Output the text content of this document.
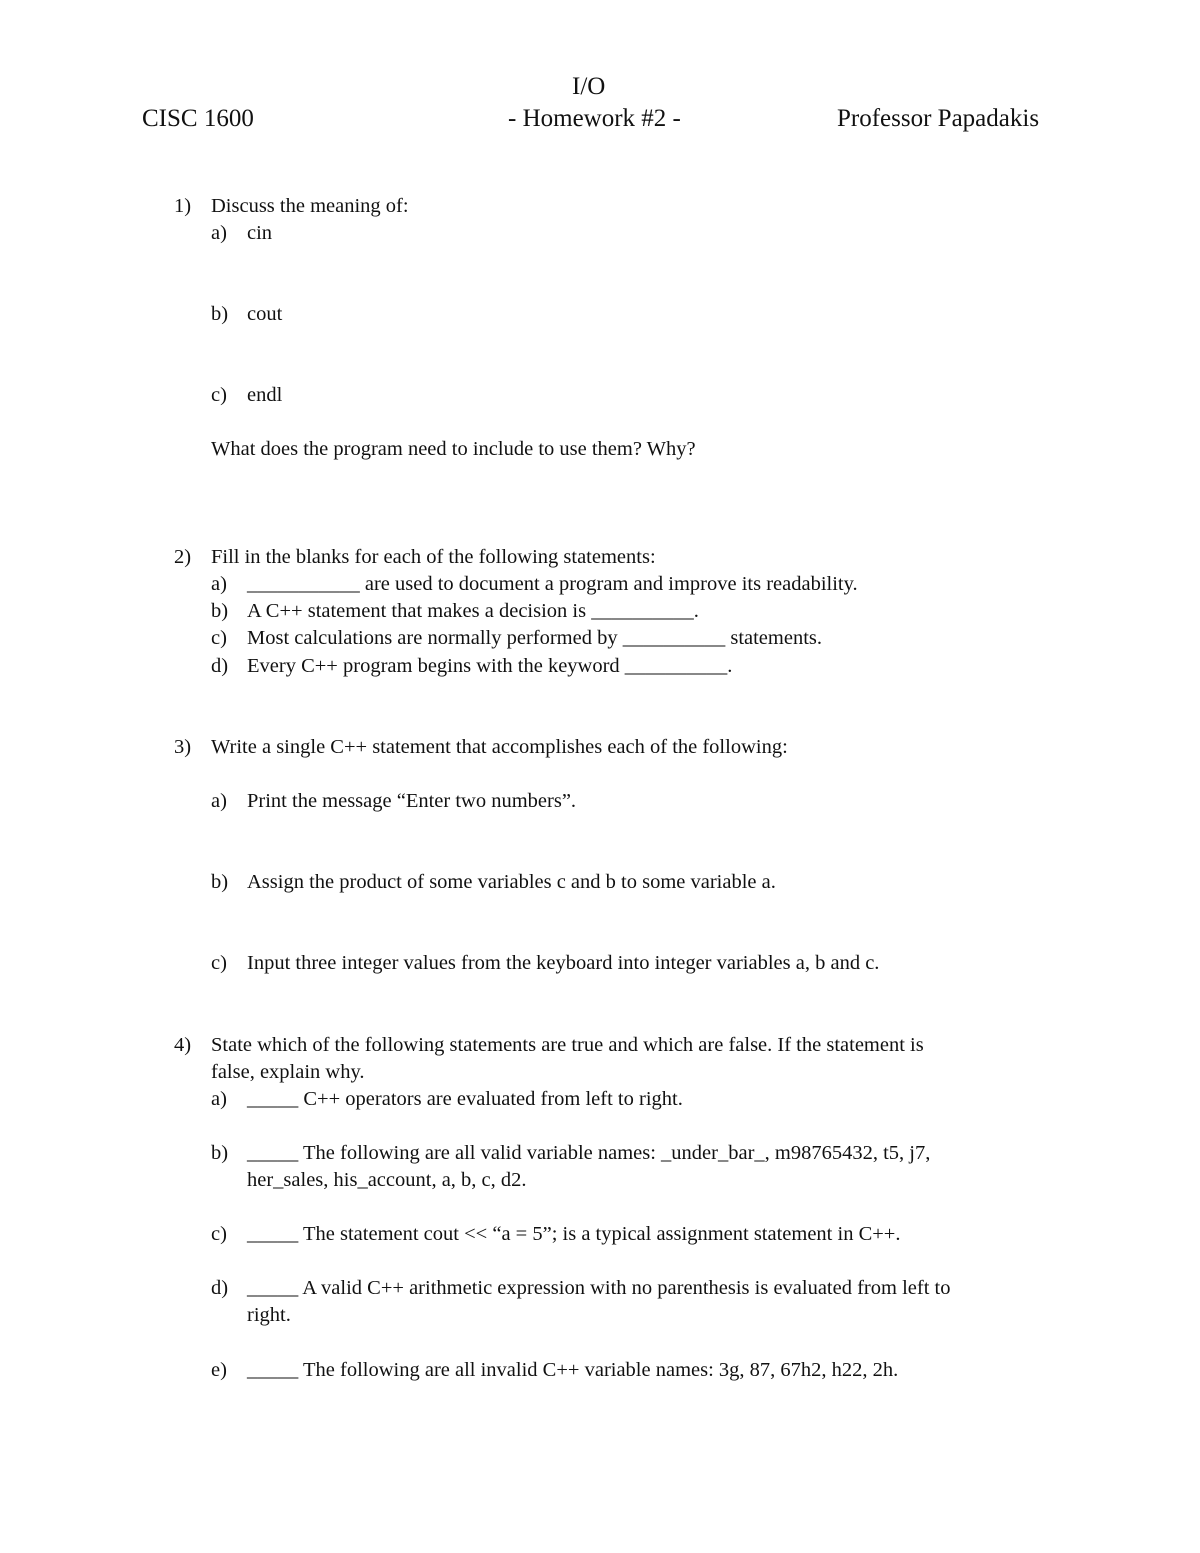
I/O
CISC 1600	- Homework #2 -	Professor Papadakis
1) Discuss the meaning of:
a) cin
b) cout
c) endl
What does the program need to include to use them? Why?
2) Fill in the blanks for each of the following statements:
a) ___________ are used to document a program and improve its readability.
b) A C++ statement that makes a decision is __________.
c) Most calculations are normally performed by __________ statements.
d) Every C++ program begins with the keyword __________.
3) Write a single C++ statement that accomplishes each of the following:
a) Print the message “Enter two numbers”.
b) Assign the product of some variables c and b to some variable a.
c) Input three integer values from the keyboard into integer variables a, b and c.
4) State which of the following statements are true and which are false. If the statement is
false, explain why.
a) _____ C++ operators are evaluated from left to right.
b) _____ The following are all valid variable names: _under_bar_, m98765432, t5, j7,
her_sales, his_account, a, b, c, d2.
c) _____ The statement cout << “a = 5”; is a typical assignment statement in C++.
d) _____ A valid C++ arithmetic expression with no parenthesis is evaluated from left to
right.
e) _____ The following are all invalid C++ variable names: 3g, 87, 67h2, h22, 2h.
